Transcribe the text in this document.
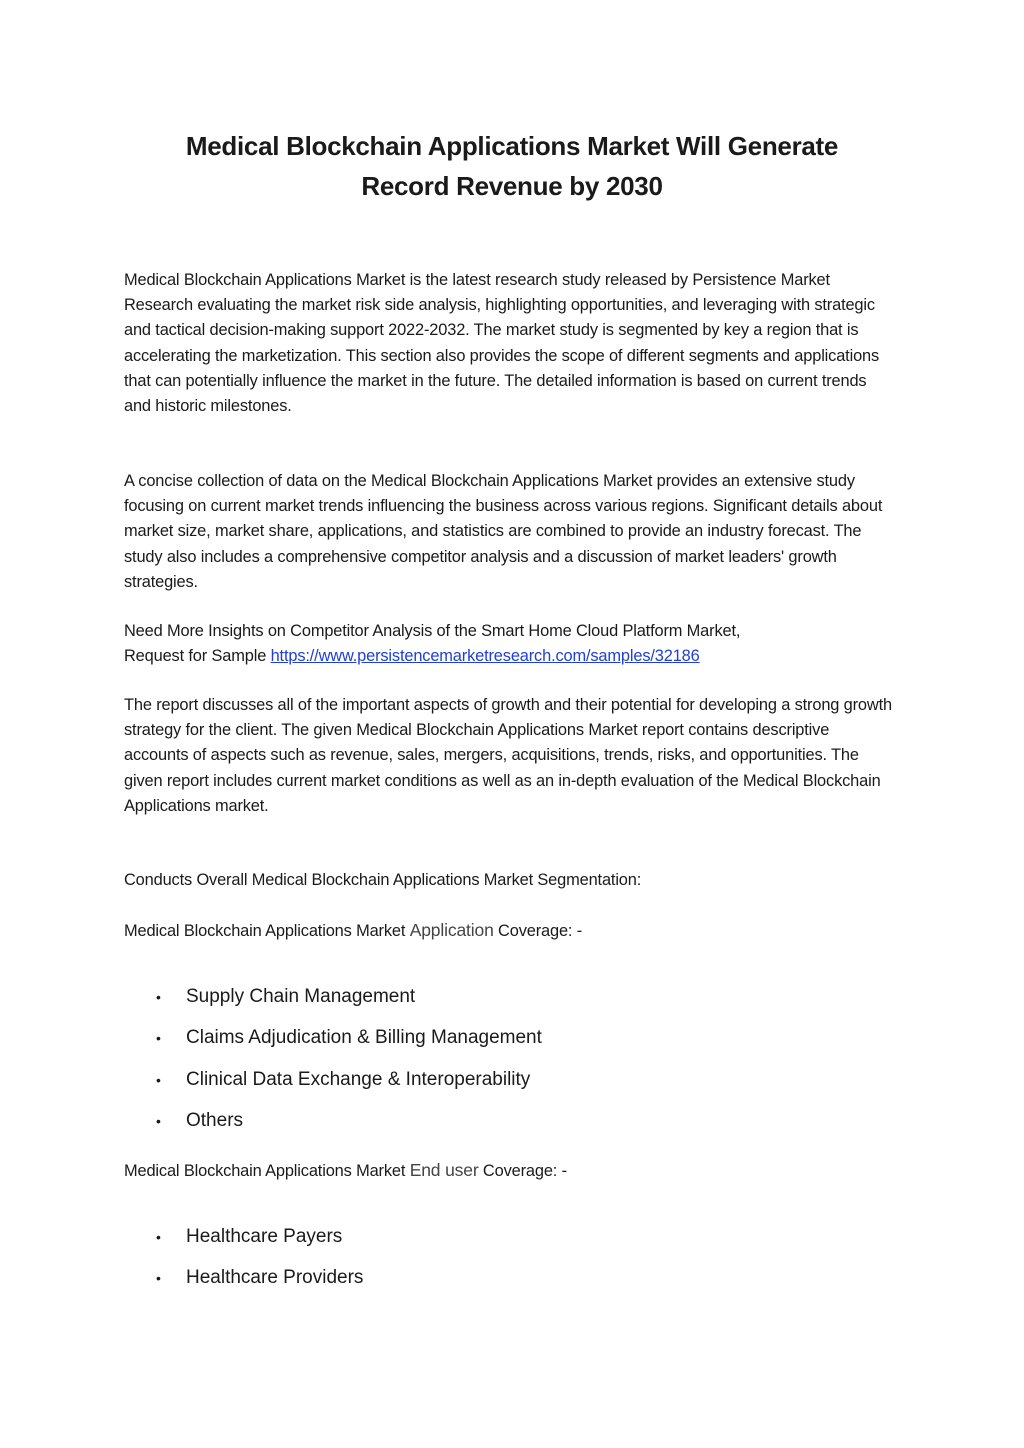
Medical Blockchain Applications Market Will Generate
Record Revenue by 2030

Medical Blockchain Applications Market is the latest research study released by Persistence Market Research evaluating the market risk side analysis, highlighting opportunities, and leveraging with strategic and tactical decision-making support 2022-2032. The market study is segmented by key a region that is accelerating the marketization. This section also provides the scope of different segments and applications that can potentially influence the market in the future. The detailed information is based on current trends and historic milestones.

A concise collection of data on the Medical Blockchain Applications Market provides an extensive study focusing on current market trends influencing the business across various regions. Significant details about market size, market share, applications, and statistics are combined to provide an industry forecast. The study also includes a comprehensive competitor analysis and a discussion of market leaders' growth strategies.

Need More Insights on Competitor Analysis of the Smart Home Cloud Platform Market,
Request for Sample https://www.persistencemarketresearch.com/samples/32186

The report discusses all of the important aspects of growth and their potential for developing a strong growth strategy for the client. The given Medical Blockchain Applications Market report contains descriptive accounts of aspects such as revenue, sales, mergers, acquisitions, trends, risks, and opportunities. The given report includes current market conditions as well as an in-depth evaluation of the Medical Blockchain Applications market.

Conducts Overall Medical Blockchain Applications Market Segmentation:

Medical Blockchain Applications Market Application Coverage: -

• Supply Chain Management
• Claims Adjudication & Billing Management
• Clinical Data Exchange & Interoperability
• Others

Medical Blockchain Applications Market End user Coverage: -

• Healthcare Payers
• Healthcare Providers
